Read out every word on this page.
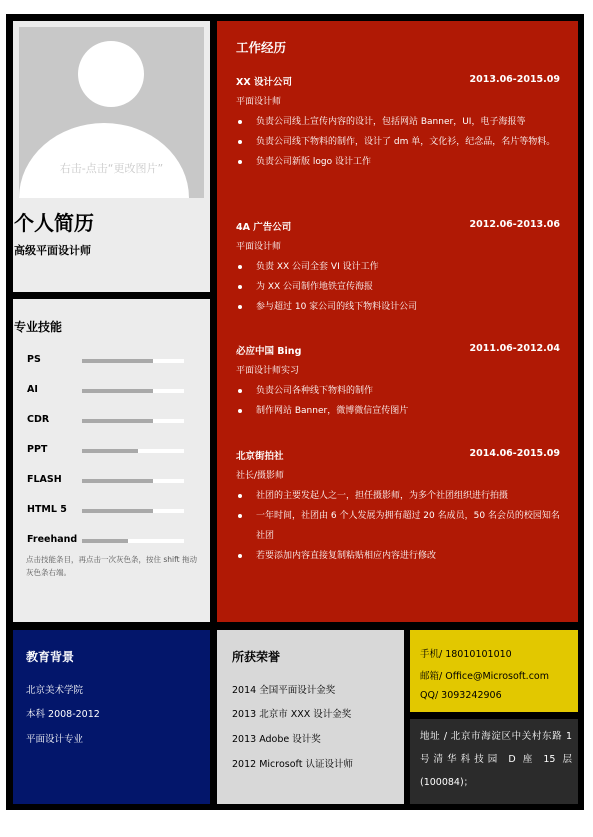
右击-点击“更改图片”
个人简历
高级平面设计师
专业技能
PS
AI
CDR
PPT
FLASH
HTML 5
Freehand
点击技能条目，再点击一次灰色条，按住 shift 拖动灰色条右端。
工作经历
XX 设计公司	2013.06-2015.09
平面设计师
负责公司线上宣传内容的设计，包括网站 Banner，UI，电子海报等
负责公司线下物料的制作，设计了 dm 单，文化衫，纪念品，名片等物料。
负责公司新版 logo 设计工作
4A 广告公司	2012.06-2013.06
平面设计师
负责 XX 公司全套 VI 设计工作
为 XX 公司制作地铁宣传海报
参与超过 10 家公司的线下物料设计公司
必应中国 Bing	2011.06-2012.04
平面设计师实习
负责公司各种线下物料的制作
制作网站 Banner，微博微信宣传图片
北京街拍社	2014.06-2015.09
社长/摄影师
社团的主要发起人之一，担任摄影师，为多个社团组织进行拍摄
一年时间，社团由 6 个人发展为拥有超过 20 名成员，50 名会员的校园知名社团
若要添加内容直接复制粘贴相应内容进行修改
教育背景
北京美术学院
本科 2008-2012
平面设计专业
所获荣誉
2014 全国平面设计金奖
2013 北京市 XXX 设计金奖
2013 Adobe 设计奖
2012 Microsoft 认证设计师
手机/ 18010101010
邮箱/ Office@Microsoft.com
QQ/ 3093242906
地址 / 北京市海淀区中关村东路 1 号清华科技园 D 座 15 层 (100084)；
